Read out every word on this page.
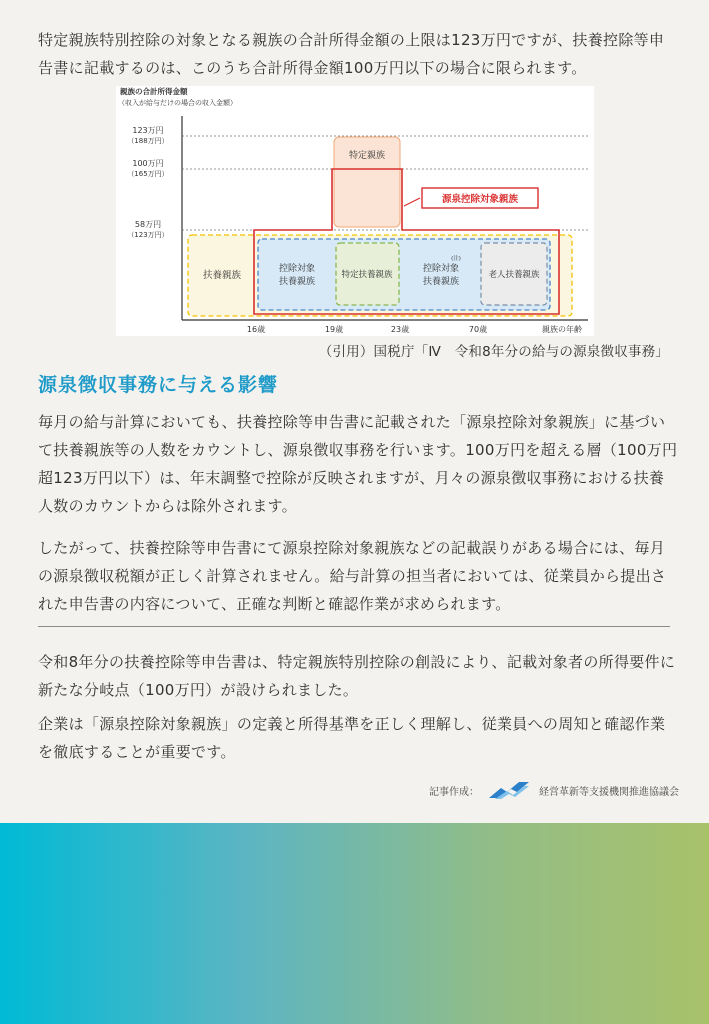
特定親族特別控除の対象となる親族の合計所得金額の上限は123万円ですが、扶養控除等申告書に記載するのは、このうち合計所得金額100万円以下の場合に限られます。

親族の合計所得金額
（収入が給与だけの場合の収入金額）
123万円
（188万円）
100万円
（165万円）
58万円
（123万円）
特定親族
扶養親族
控除対象
扶養親族
特定扶養親族
控除対象
扶養親族
(注)
老人扶養親族
源泉控除対象親族
16歳	19歳	23歳	70歳	親族の年齢
（引用）国税庁「Ⅳ　令和8年分の給与の源泉徴収事務」
源泉徴収事務に与える影響

毎月の給与計算においても、扶養控除等申告書に記載された「源泉控除対象親族」に基づいて扶養親族等の人数をカウントし、源泉徴収事務を行います。100万円を超える層（100万円超123万円以下）は、年末調整で控除が反映されますが、月々の源泉徴収事務における扶養人数のカウントからは除外されます。

したがって、扶養控除等申告書にて源泉控除対象親族などの記載誤りがある場合には、毎月の源泉徴収税額が正しく計算されません。給与計算の担当者においては、従業員から提出された申告書の内容について、正確な判断と確認作業が求められます。

令和8年分の扶養控除等申告書は、特定親族特別控除の創設により、記載対象者の所得要件に新たな分岐点（100万円）が設けられました。

企業は「源泉控除対象親族」の定義と所得基準を正しく理解し、従業員への周知と確認作業を徹底することが重要です。

記事作成：	経営革新等支援機関推進協議会
